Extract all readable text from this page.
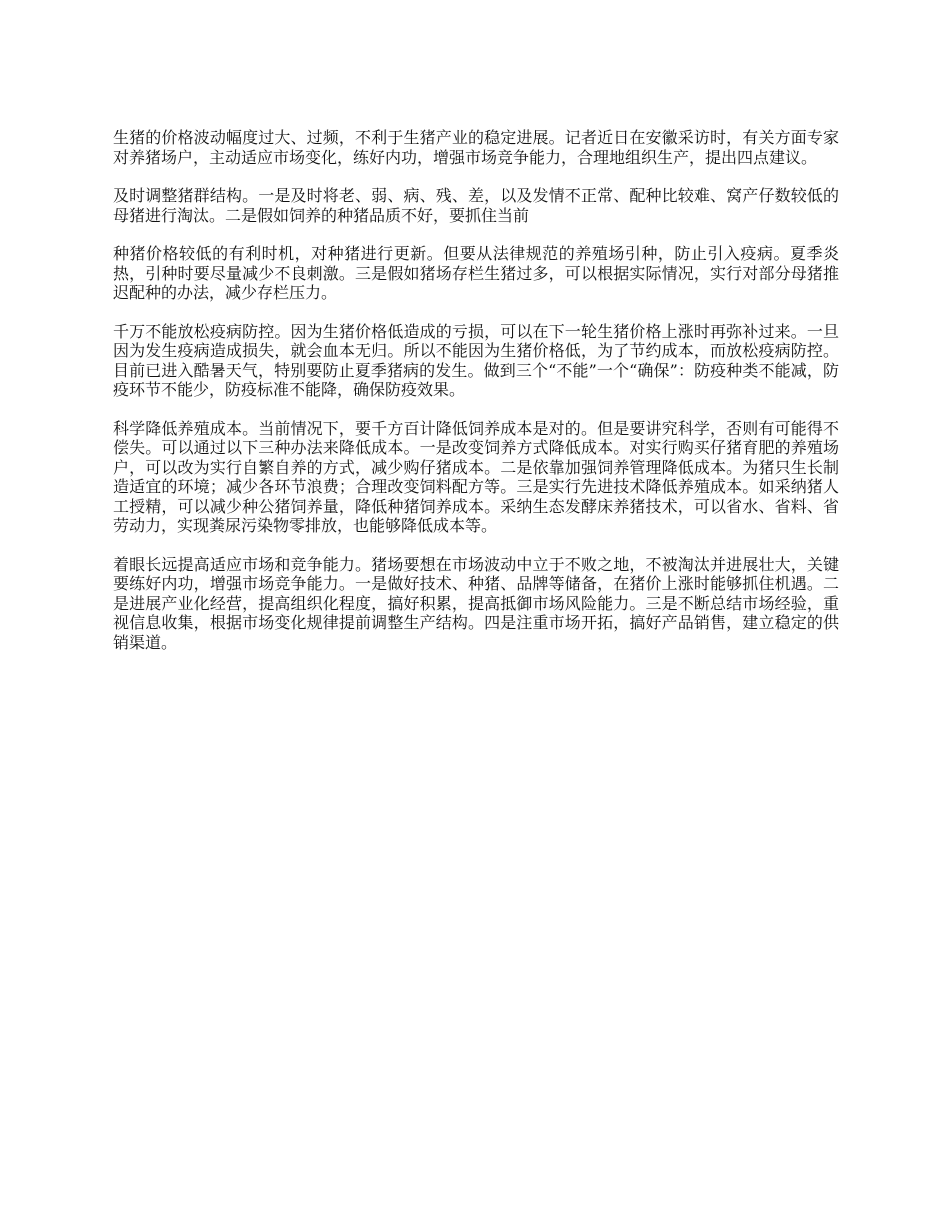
生猪的价格波动幅度过大、过频，不利于生猪产业的稳定进展。记者近日在安徽采访时，有关方面专家对养猪场户，主动适应市场变化，练好内功，增强市场竞争能力，合理地组织生产，提出四点建议。

及时调整猪群结构。一是及时将老、弱、病、残、差，以及发情不正常、配种比较难、窝产仔数较低的母猪进行淘汰。二是假如饲养的种猪品质不好，要抓住当前

种猪价格较低的有利时机，对种猪进行更新。但要从法律规范的养殖场引种，防止引入疫病。夏季炎热，引种时要尽量减少不良刺激。三是假如猪场存栏生猪过多，可以根据实际情况，实行对部分母猪推迟配种的办法，减少存栏压力。

千万不能放松疫病防控。因为生猪价格低造成的亏损，可以在下一轮生猪价格上涨时再弥补过来。一旦因为发生疫病造成损失，就会血本无归。所以不能因为生猪价格低，为了节约成本，而放松疫病防控。目前已进入酷暑天气，特别要防止夏季猪病的发生。做到三个“不能”一个“确保”：防疫种类不能减，防疫环节不能少，防疫标准不能降，确保防疫效果。

科学降低养殖成本。当前情况下，要千方百计降低饲养成本是对的。但是要讲究科学，否则有可能得不偿失。可以通过以下三种办法来降低成本。一是改变饲养方式降低成本。对实行购买仔猪育肥的养殖场户，可以改为实行自繁自养的方式，减少购仔猪成本。二是依靠加强饲养管理降低成本。为猪只生长制造适宜的环境；减少各环节浪费；合理改变饲料配方等。三是实行先进技术降低养殖成本。如采纳猪人工授精，可以减少种公猪饲养量，降低种猪饲养成本。采纳生态发酵床养猪技术，可以省水、省料、省劳动力，实现粪尿污染物零排放，也能够降低成本等。

着眼长远提高适应市场和竞争能力。猪场要想在市场波动中立于不败之地，不被淘汰并进展壮大，关键要练好内功，增强市场竞争能力。一是做好技术、种猪、品牌等储备，在猪价上涨时能够抓住机遇。二是进展产业化经营，提高组织化程度，搞好积累，提高抵御市场风险能力。三是不断总结市场经验，重视信息收集，根据市场变化规律提前调整生产结构。四是注重市场开拓，搞好产品销售，建立稳定的供销渠道。
